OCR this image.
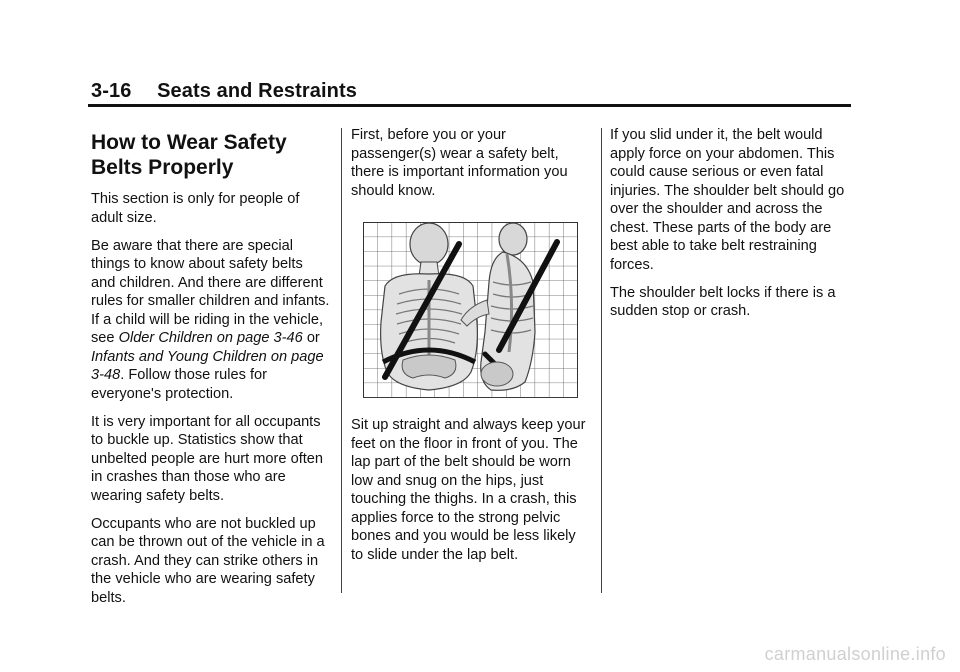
3-16 Seats and Restraints
How to Wear Safety Belts Properly

This section is only for people of adult size.

Be aware that there are special things to know about safety belts and children. And there are different rules for smaller children and infants. If a child will be riding in the vehicle, see Older Children on page 3-46 or Infants and Young Children on page 3-48. Follow those rules for everyone's protection.

It is very important for all occupants to buckle up. Statistics show that unbelted people are hurt more often in crashes than those who are wearing safety belts.

Occupants who are not buckled up can be thrown out of the vehicle in a crash. And they can strike others in the vehicle who are wearing safety belts.

First, before you or your passenger(s) wear a safety belt, there is important information you should know.

Sit up straight and always keep your feet on the floor in front of you. The lap part of the belt should be worn low and snug on the hips, just touching the thighs. In a crash, this applies force to the strong pelvic bones and you would be less likely to slide under the lap belt.

If you slid under it, the belt would apply force on your abdomen. This could cause serious or even fatal injuries. The shoulder belt should go over the shoulder and across the chest. These parts of the body are best able to take belt restraining forces.

The shoulder belt locks if there is a sudden stop or crash.

carmanualsonline.info
